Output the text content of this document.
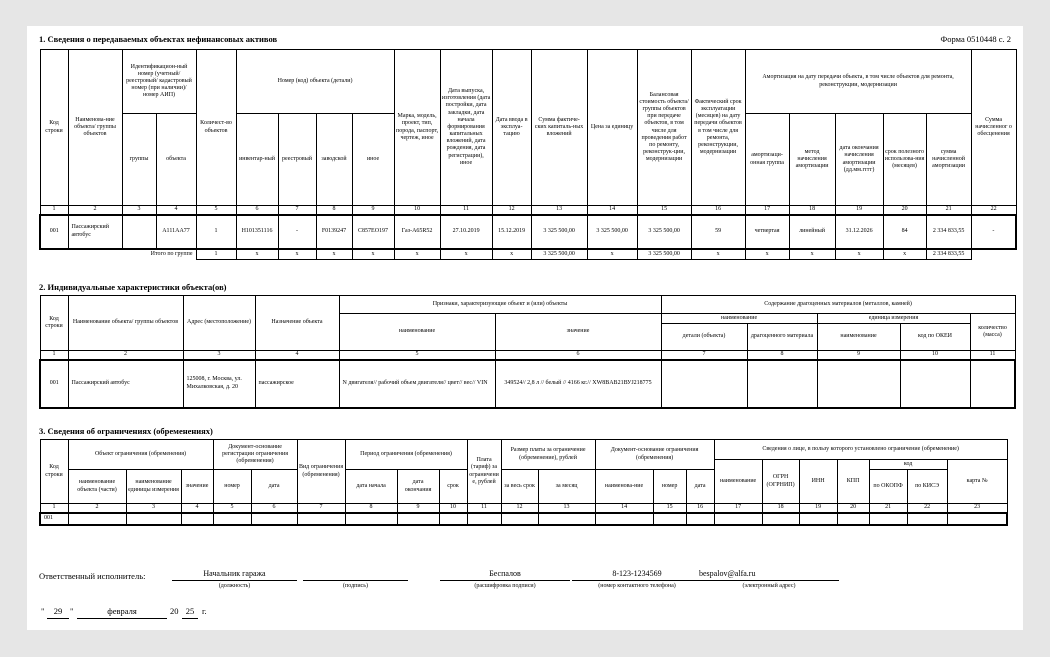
Форма 0510448 с. 2
1. Сведения о передаваемых объектах нефинансовых активов
Код строки	Наименова-ние объекта/ группы объектов	Идентификацион-ный номер (учетный/ реестровый/ кадастровый номер (при наличии)/ номер АИП)		Количест-во объектов	Номер (код) объекта (детали)				Марка, модель, проект, тип, порода, паспорт, чертеж, иное	Дата выпуска, изготовления (дата постройки, дата закладки, дата начала формирования капитальных вложений, дата рождения, дата регистрации), иное	Дата ввода в эксплуа-тацию	Сумма фактиче-ских капиталь-ных вложений	Цена за единицу	Балансовая стоимость объекта/ группы объектов при передаче объектов, в том числе для проведения работ по ремонту, реконструк-ции, модернизации	Фактический срок эксплуатации (месяцев) на дату передачи объектов в том числе для ремонта, реконструкции, модернизации	Амортизация на дату передачи объекта, в том числе объектов для ремонта, реконструкции, модернизации					Сумма начисленног о обесценения
		группы	объекта		инвентар-ный	реестровый	заводской	иное								амортизаци-онная группа	метод начисления амортизации	дата окончания начисления амортизации (дд.мм.гггг)	срок полезного использова-ния (месяцев)	сумма начисленной амортизации	
1	2	3	4	5	6	7	8	9	10	11	12	13	14	15	16	17	18	19	20	21	22
001	Пассажирский автобус		А111АА77	1	Н101351116	-	F0139247	С857ЕО197	Газ-А65R52	27.10.2019	15.12.2019	3 325 500,00	3 325 500,00	3 325 500,00	59	четвертая	линейный	31.12.2026	84	2 334 833,55	-
Итого по группе				1	x	x	x	x	x	x	x	3 325 500,00	x	3 325 500,00	x	x	x	x	x	2 334 833,55	
2. Индивидуальные характеристики объекта(ов)
Код строки	Наименование объекта/ группы объектов	Адрес (местоположение)	Назначение объекта	Признаки, характеризующие объект и (или) объекты		Содержание драгоценных материалов (металлов, камней)				
				наименование	значение	наименование		единица измерения		количество (масса)
						детали (объекта)	драгоценного материала	наименование	код по ОКЕИ	
1	2	3	4	5	6	7	8	9	10	11
001	Пассажирский автобус	125008, г. Москва, ул. Михалковская, д. 20	пассажирское	N двигателя// рабочий объем двигателя// цвет// вес// VIN	349524// 2,8 л // белый // 4166 кг.// XW8BAB21ВУJ218775					
3. Сведения об ограничениях (обременениях)
Код строки	Объект ограничения (обременения)			Документ-основание регистрации ограничения (обременения)		Вид ограничения (обременения)	Период ограничения (обременения)			Плата (тариф) за ограничение, рублей	Размер платы за ограничение (обременение), рублей		Документ-основание ограничения (обременения)			Сведения о лице, в пользу которого установлено ограничение (обременение)						
																наименование	ОГРН (ОГРНИП)	ИНН	КПП	код		карта №
	наименование объекта (части)	наименование единицы измерения	значение	номер	дата		дата начала	дата окончания	срок		за весь срок	за месяц	наименова-ние	номер	дата					по ОКОПФ	по КИСЭ	
1	2	3	4	5	6	7	8	9	10	11	12	13	14	15	16	17	18	19	20	21	22	23
001																						
Ответственный исполнитель:	Начальник гаража
(должность)	(подпись)
Беспалов
(расшифровка подписи)
8-123-1234569
(номер контактного телефона)
bespalov@alfa.ru
(электронный адрес)
"	29 "	февраля	20 25 г.
